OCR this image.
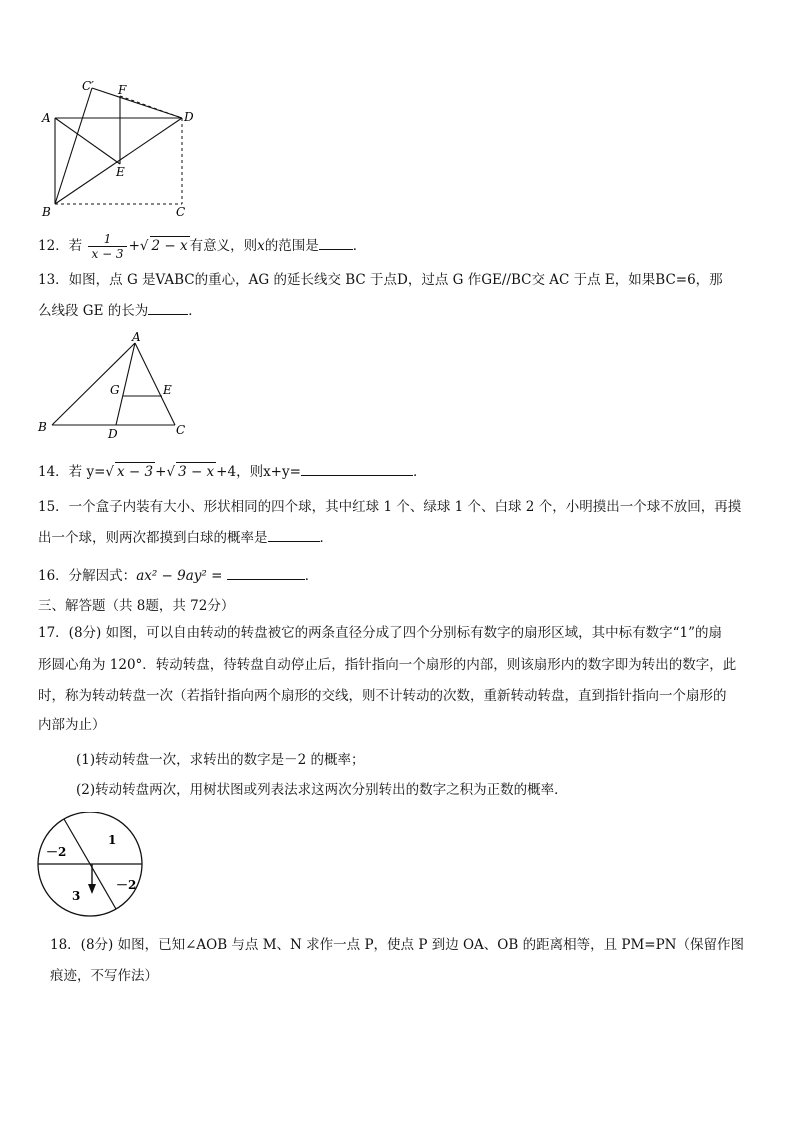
C′ F
A	D
E
B	C
12．若 $\frac{1}{x - 3}$ +√ 2 − x 有意义，则x的范围是	．
13．如图，点 G 是VABC的重心，AG 的延长线交 BC 于点D，过点 G 作GE//BC交 AC 于点 E，如果BC=6，那
么线段 GE 的长为	．
A
G	E
B	D	C
14．若 y=√ x − 3 +√ 3 − x +4，则x+y=	．
15．一个盒子内装有大小、形状相同的四个球，其中红球 1 个、绿球 1 个、白球 2 个，小明摸出一个球不放回，再摸
出一个球，则两次都摸到白球的概率是	．
16．分解因式：ax² − 9ay² =	．
三、解答题（共 8题，共 72分）
17．(8分) 如图，可以自由转动的转盘被它的两条直径分成了四个分别标有数字的扇形区域，其中标有数字“1”的扇
形圆心角为 120°．转动转盘，待转盘自动停止后，指针指向一个扇形的内部，则该扇形内的数字即为转出的数字，此
时，称为转动转盘一次（若指针指向两个扇形的交线，则不计转动的次数，重新转动转盘，直到指针指向一个扇形的
内部为止）
(1)转动转盘一次，求转出的数字是－2 的概率；
(2)转动转盘两次，用树状图或列表法求这两次分别转出的数字之积为正数的概率．
1
－2
－2
3
18．(8分) 如图，已知∠AOB 与点 M、N 求作一点 P，使点 P 到边 OA、OB 的距离相等，且 PM=PN（保留作图
痕迹，不写作法）
